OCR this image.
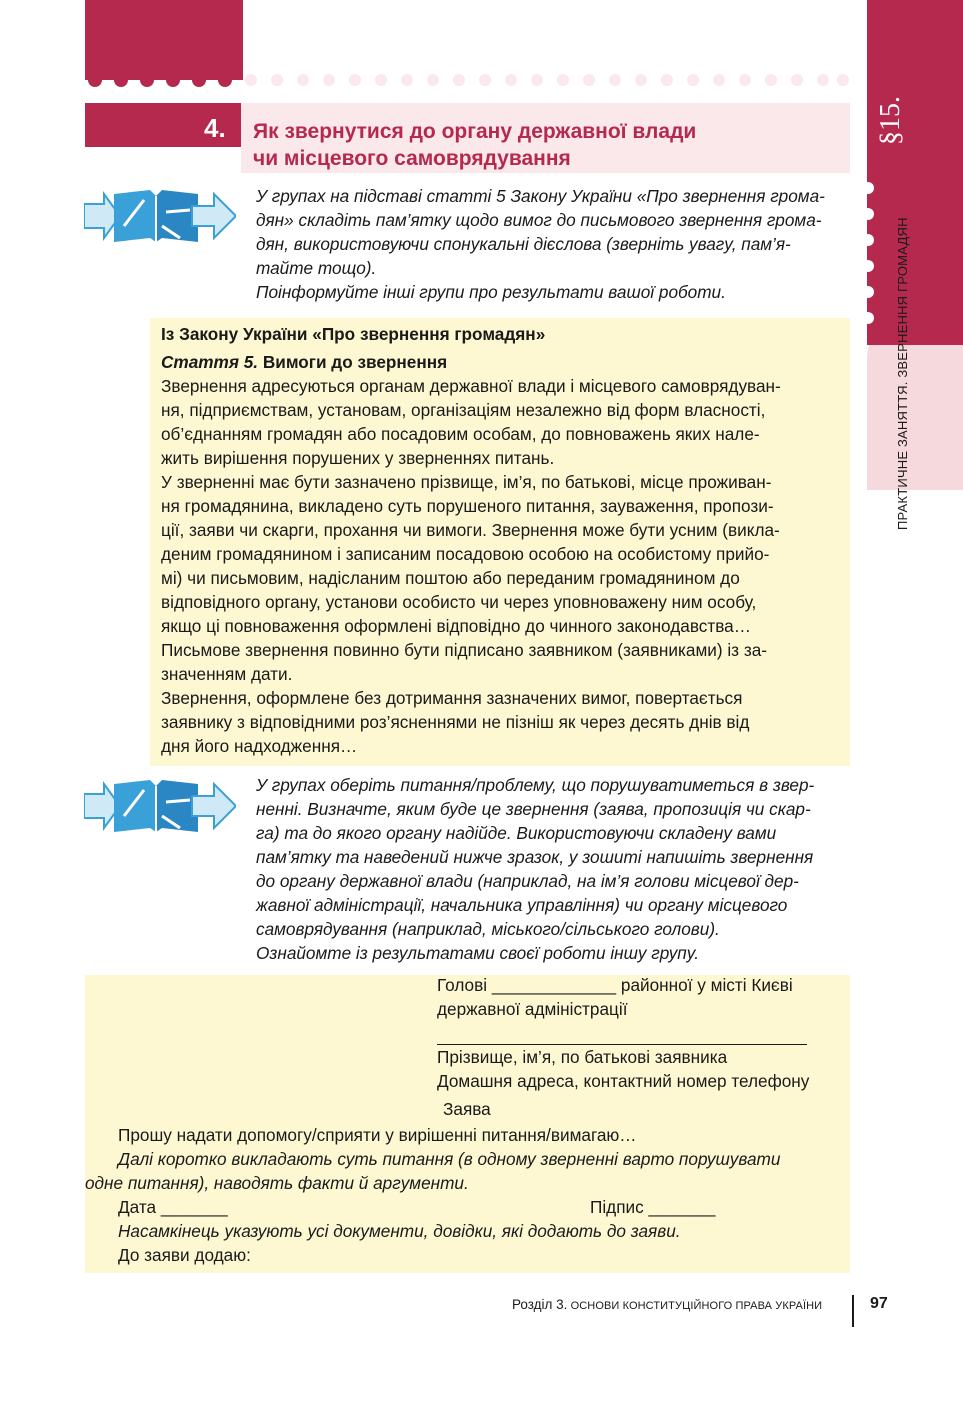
4. Як звернутися до органу державної влади
чи місцевого самоврядування
§15.
ПРАКТИЧНЕ ЗАНЯТТЯ. ЗВЕРНЕННЯ ГРОМАДЯН
У групах на підставі статті 5 Закону України «Про звернення грома-
дян» складіть пам’ятку щодо вимог до письмового звернення грома-
дян, використовуючи спонукальні дієслова (зверніть увагу, пам’я-
тайте тощо).
Поінформуйте інші групи про результати вашої роботи.
Із Закону України «Про звернення громадян»
Стаття 5. Вимоги до звернення
Звернення адресуються органам державної влади і місцевого самоврядуван-
ня, підприємствам, установам, організаціям незалежно від форм власності,
об’єднанням громадян або посадовим особам, до повноважень яких нале-
жить вирішення порушених у зверненнях питань.
У зверненні має бути зазначено прізвище, ім’я, по батькові, місце проживан-
ня громадянина, викладено суть порушеного питання, зауваження, пропози-
ції, заяви чи скарги, прохання чи вимоги. Звернення може бути усним (викла-
деним громадянином і записаним посадовою особою на особистому прийо-
мі) чи письмовим, надісланим поштою або переданим громадянином до
відповідного органу, установи особисто чи через уповноважену ним особу,
якщо ці повноваження оформлені відповідно до чинного законодавства…
Письмове звернення повинно бути підписано заявником (заявниками) із за-
значенням дати.
Звернення, оформлене без дотримання зазначених вимог, повертається
заявнику з відповідними роз’ясненнями не пізніш як через десять днів від
дня його надходження…
У групах оберіть питання/проблему, що порушуватиметься в звер-
ненні. Визначте, яким буде це звернення (заява, пропозиція чи скар-
га) та до якого органу надійде. Використовуючи складену вами
пам’ятку та наведений нижче зразок, у зошиті напишіть звернення
до органу державної влади (наприклад, на ім’я голови місцевої дер-
жавної адміністрації, начальника управління) чи органу місцевого
самоврядування (наприклад, міського/сільського голови).
Ознайомте із результатами своєї роботи іншу групу.
Голові _____________ районної у місті Києві
державної адміністрації
Прізвище, ім’я, по батькові заявника
Домашня адреса, контактний номер телефону
Заява
Прошу надати допомогу/сприяти у вирішенні питання/вимагаю…
Далі коротко викладають суть питання (в одному зверненні варто порушувати
одне питання), наводять факти й аргументи.
Дата _______	Підпис _______
Насамкінець указують усі документи, довідки, які додають до заяви.
До заяви додаю:
Розділ 3. ОСНОВИ КОНСТИТУЦІЙНОГО ПРАВА УКРАЇНИ	97
